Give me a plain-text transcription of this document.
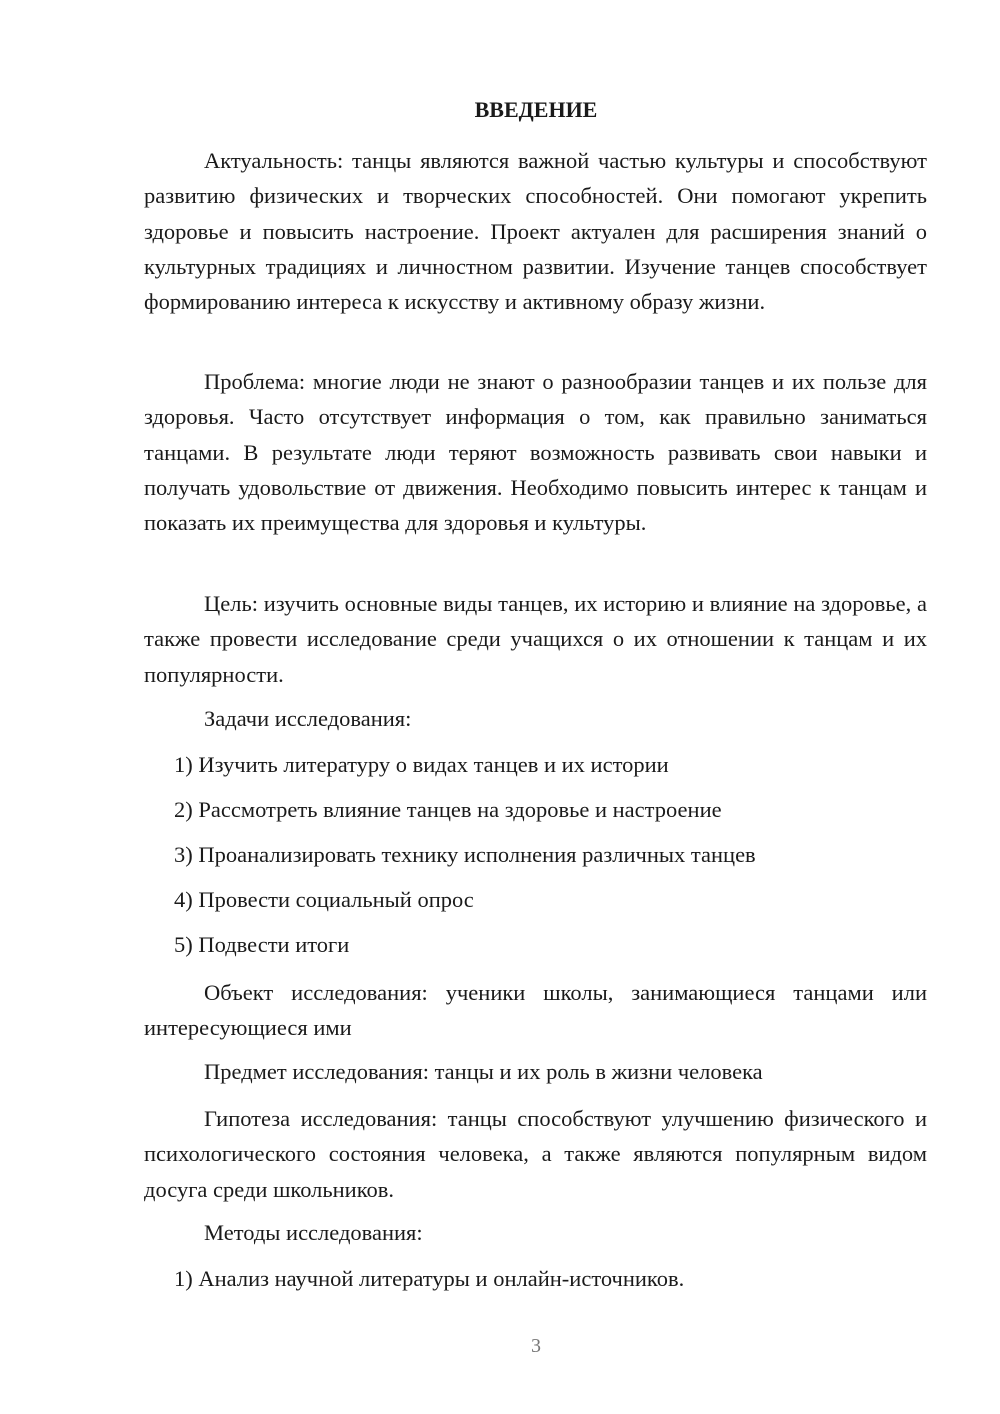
ВВЕДЕНИЕ

Актуальность: танцы являются важной частью культуры и способствуют развитию физических и творческих способностей. Они помогают укрепить здоровье и повысить настроение. Проект актуален для расширения знаний о культурных традициях и личностном развитии. Изучение танцев способствует формированию интереса к искусству и активному образу жизни.

Проблема: многие люди не знают о разнообразии танцев и их пользе для здоровья. Часто отсутствует информация о том, как правильно заниматься танцами. В результате люди теряют возможность развивать свои навыки и получать удовольствие от движения. Необходимо повысить интерес к танцам и показать их преимущества для здоровья и культуры.

Цель: изучить основные виды танцев, их историю и влияние на здоровье, а также провести исследование среди учащихся о их отношении к танцам и их популярности.

Задачи исследования:

1) Изучить литературу о видах танцев и их истории

2) Рассмотреть влияние танцев на здоровье и настроение

3) Проанализировать технику исполнения различных танцев

4) Провести социальный опрос

5) Подвести итоги

Объект исследования: ученики школы, занимающиеся танцами или интересующиеся ими

Предмет исследования: танцы и их роль в жизни человека

Гипотеза исследования: танцы способствуют улучшению физического и психологического состояния человека, а также являются популярным видом досуга среди школьников.

Методы исследования:

1) Анализ научной литературы и онлайн-источников.

3
